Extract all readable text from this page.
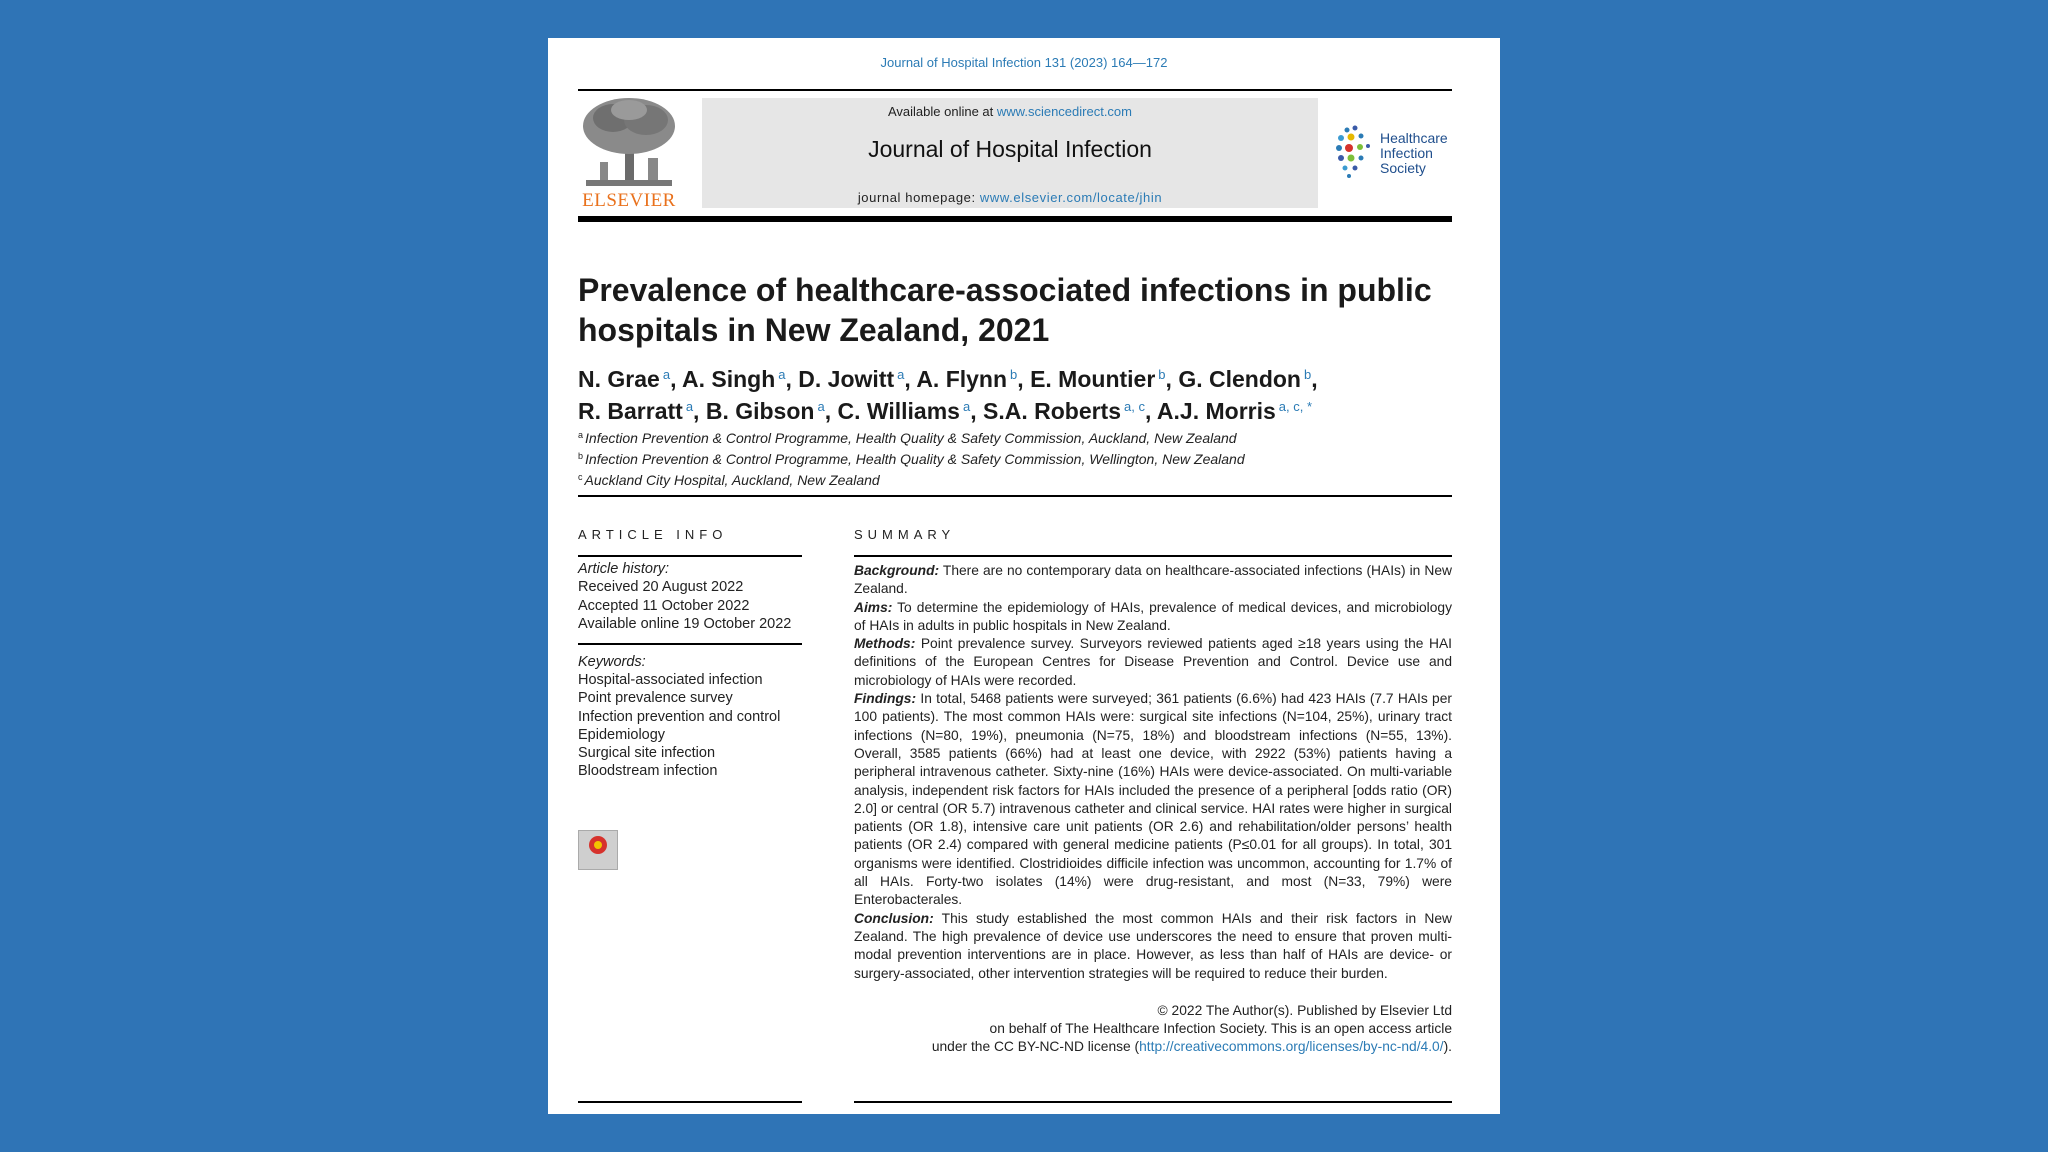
Journal of Hospital Infection 131 (2023) 164—172
ELSEVIER
Available online at www.sciencedirect.com
Journal of Hospital Infection
journal homepage: www.elsevier.com/locate/jhin
Healthcare
Infection
Society
Prevalence of healthcare-associated infections in public hospitals in New Zealand, 2021
N. Grae $^a$, A. Singh $^a$, D. Jowitt $^a$, A. Flynn $^b$, E. Mountier $^b$, G. Clendon $^b$,
R. Barratt $^a$, B. Gibson $^a$, C. Williams $^a$, S.A. Roberts $^{a, c}$, A.J. Morris $^{a, c, *}$
$^a$ Infection Prevention & Control Programme, Health Quality & Safety Commission, Auckland, New Zealand
$^b$ Infection Prevention & Control Programme, Health Quality & Safety Commission, Wellington, New Zealand
$^c$ Auckland City Hospital, Auckland, New Zealand
ARTICLE INFO	SUMMARY
Article history:
Received 20 August 2022
Accepted 11 October 2022
Available online 19 October 2022
Keywords:
Hospital-associated infection
Point prevalence survey
Infection prevention and control
Epidemiology
Surgical site infection
Bloodstream infection
Background: There are no contemporary data on healthcare-associated infections (HAIs) in New Zealand.
Aims: To determine the epidemiology of HAIs, prevalence of medical devices, and microbiology of HAIs in adults in public hospitals in New Zealand.
Methods: Point prevalence survey. Surveyors reviewed patients aged ≥18 years using the HAI definitions of the European Centres for Disease Prevention and Control. Device use and microbiology of HAIs were recorded.
Findings: In total, 5468 patients were surveyed; 361 patients (6.6%) had 423 HAIs (7.7 HAIs per 100 patients). The most common HAIs were: surgical site infections (N=104, 25%), urinary tract infections (N=80, 19%), pneumonia (N=75, 18%) and bloodstream infections (N=55, 13%). Overall, 3585 patients (66%) had at least one device, with 2922 (53%) patients having a peripheral intravenous catheter. Sixty-nine (16%) HAIs were device-associated. On multi-variable analysis, independent risk factors for HAIs included the presence of a peripheral [odds ratio (OR) 2.0] or central (OR 5.7) intravenous catheter and clinical service. HAI rates were higher in surgical patients (OR 1.8), intensive care unit patients (OR 2.6) and rehabilitation/older persons’ health patients (OR 2.4) compared with general medicine patients (P≤0.01 for all groups). In total, 301 organisms were identified. Clostridioides difficile infection was uncommon, accounting for 1.7% of all HAIs. Forty-two isolates (14%) were drug-resistant, and most (N=33, 79%) were Enterobacterales.
Conclusion: This study established the most common HAIs and their risk factors in New Zealand. The high prevalence of device use underscores the need to ensure that proven multi-modal prevention interventions are in place. However, as less than half of HAIs are device- or surgery-associated, other intervention strategies will be required to reduce their burden.
© 2022 The Author(s). Published by Elsevier Ltd
on behalf of The Healthcare Infection Society. This is an open access article
under the CC BY-NC-ND license (http://creativecommons.org/licenses/by-nc-nd/4.0/).
